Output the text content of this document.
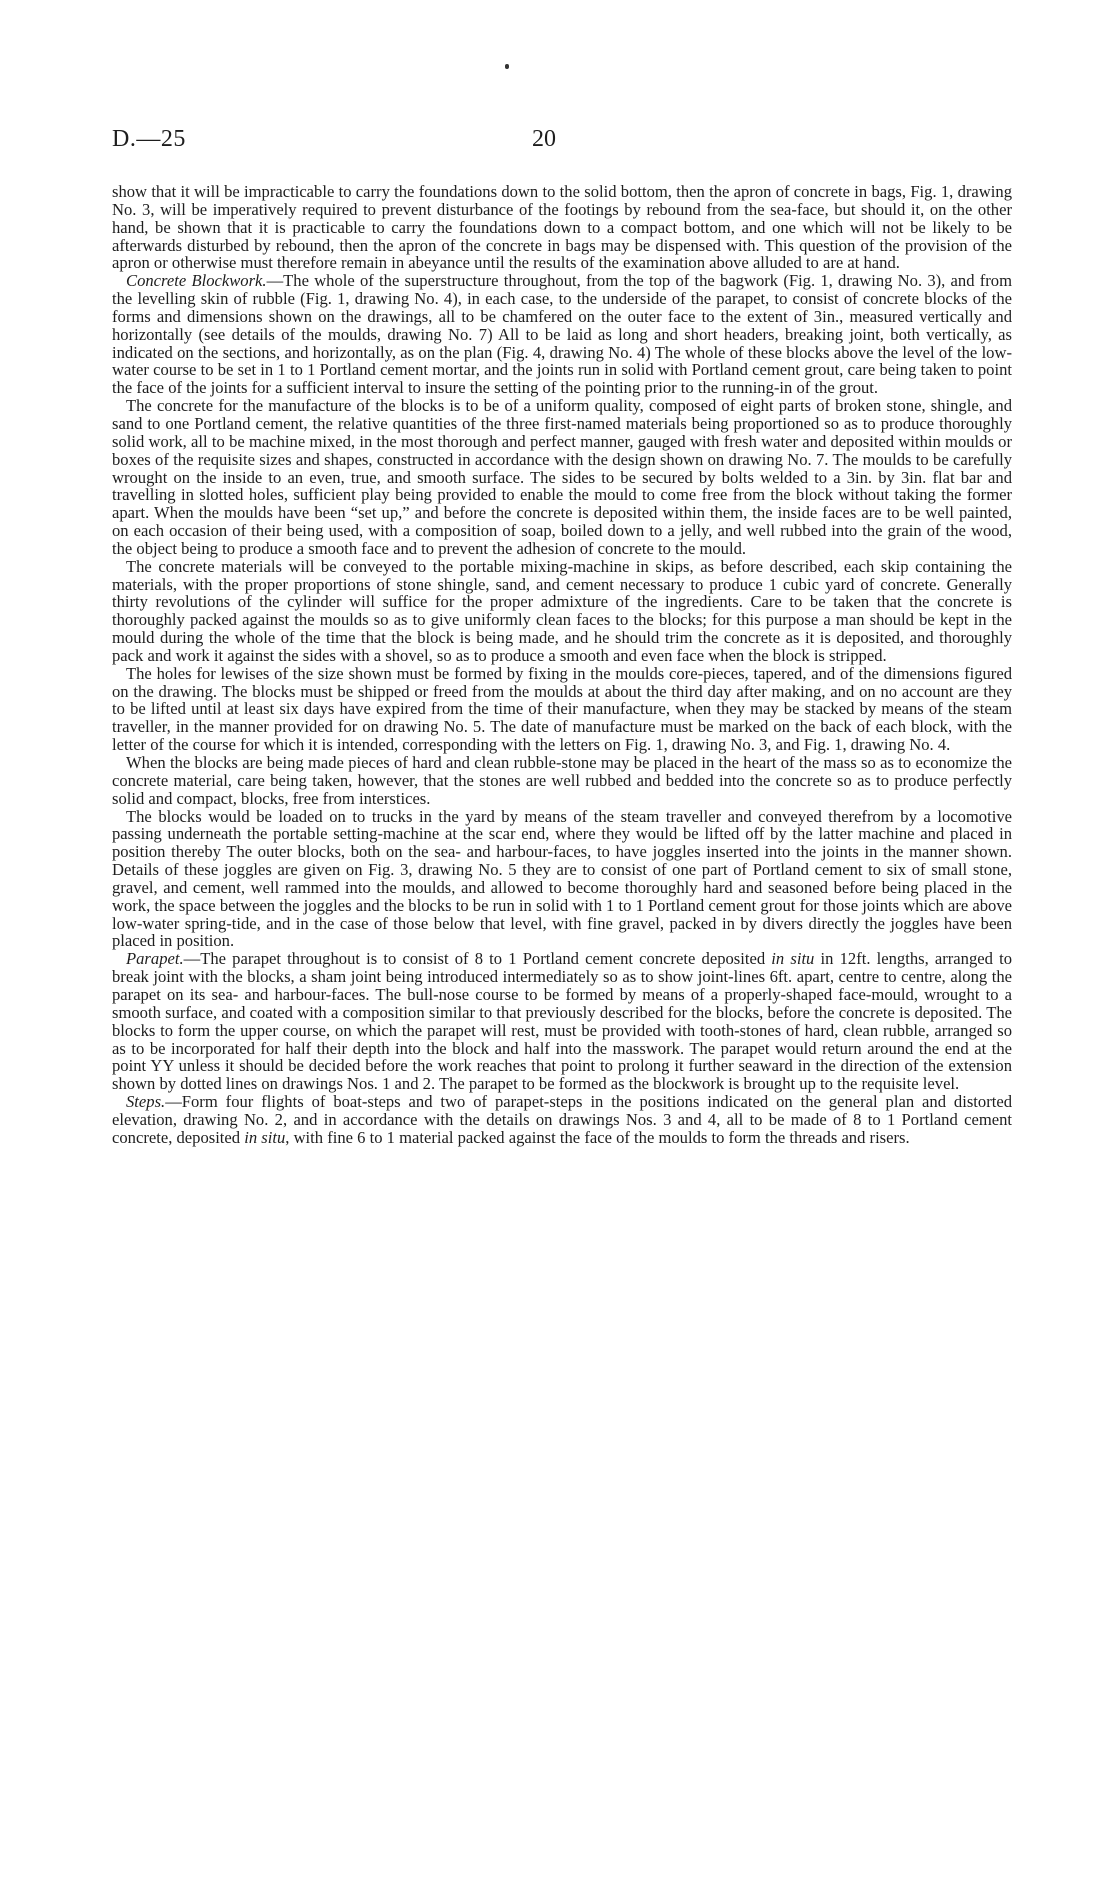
D.—25	20

show that it will be impracticable to carry the foundations down to the solid bottom, then the apron of concrete in bags, Fig. 1, drawing No. 3, will be imperatively required to prevent disturbance of the footings by rebound from the sea-face, but should it, on the other hand, be shown that it is practicable to carry the foundations down to a compact bottom, and one which will not be likely to be afterwards disturbed by rebound, then the apron of the concrete in bags may be dispensed with. This question of the provision of the apron or otherwise must therefore remain in abeyance until the results of the examination above alluded to are at hand.

Concrete Blockwork.—The whole of the superstructure throughout, from the top of the bagwork (Fig. 1, drawing No. 3), and from the levelling skin of rubble (Fig. 1, drawing No. 4), in each case, to the underside of the parapet, to consist of concrete blocks of the forms and dimensions shown on the drawings, all to be chamfered on the outer face to the extent of 3in., measured vertically and horizontally (see details of the moulds, drawing No. 7) All to be laid as long and short headers, breaking joint, both vertically, as indicated on the sections, and horizontally, as on the plan (Fig. 4, drawing No. 4) The whole of these blocks above the level of the low-water course to be set in 1 to 1 Portland cement mortar, and the joints run in solid with Portland cement grout, care being taken to point the face of the joints for a sufficient interval to insure the setting of the pointing prior to the running-in of the grout.

The concrete for the manufacture of the blocks is to be of a uniform quality, composed of eight parts of broken stone, shingle, and sand to one Portland cement, the relative quantities of the three first-named materials being proportioned so as to produce thoroughly solid work, all to be machine mixed, in the most thorough and perfect manner, gauged with fresh water and deposited within moulds or boxes of the requisite sizes and shapes, constructed in accordance with the design shown on drawing No. 7. The moulds to be carefully wrought on the inside to an even, true, and smooth surface. The sides to be secured by bolts welded to a 3in. by 3in. flat bar and travelling in slotted holes, sufficient play being provided to enable the mould to come free from the block without taking the former apart. When the moulds have been “set up,” and before the concrete is deposited within them, the inside faces are to be well painted, on each occasion of their being used, with a composition of soap, boiled down to a jelly, and well rubbed into the grain of the wood, the object being to produce a smooth face and to prevent the adhesion of concrete to the mould.

The concrete materials will be conveyed to the portable mixing-machine in skips, as before described, each skip containing the materials, with the proper proportions of stone shingle, sand, and cement necessary to produce 1 cubic yard of concrete. Generally thirty revolutions of the cylinder will suffice for the proper admixture of the ingredients. Care to be taken that the concrete is thoroughly packed against the moulds so as to give uniformly clean faces to the blocks; for this purpose a man should be kept in the mould during the whole of the time that the block is being made, and he should trim the concrete as it is deposited, and thoroughly pack and work it against the sides with a shovel, so as to produce a smooth and even face when the block is stripped.

The holes for lewises of the size shown must be formed by fixing in the moulds core-pieces, tapered, and of the dimensions figured on the drawing. The blocks must be shipped or freed from the moulds at about the third day after making, and on no account are they to be lifted until at least six days have expired from the time of their manufacture, when they may be stacked by means of the steam traveller, in the manner provided for on drawing No. 5. The date of manufacture must be marked on the back of each block, with the letter of the course for which it is intended, corresponding with the letters on Fig. 1, drawing No. 3, and Fig. 1, drawing No. 4.

When the blocks are being made pieces of hard and clean rubble-stone may be placed in the heart of the mass so as to economize the concrete material, care being taken, however, that the stones are well rubbed and bedded into the concrete so as to produce perfectly solid and compact, blocks, free from interstices.

The blocks would be loaded on to trucks in the yard by means of the steam traveller and conveyed therefrom by a locomotive passing underneath the portable setting-machine at the scar end, where they would be lifted off by the latter machine and placed in position thereby The outer blocks, both on the sea- and harbour-faces, to have joggles inserted into the joints in the manner shown. Details of these joggles are given on Fig. 3, drawing No. 5 they are to consist of one part of Portland cement to six of small stone, gravel, and cement, well rammed into the moulds, and allowed to become thoroughly hard and seasoned before being placed in the work, the space between the joggles and the blocks to be run in solid with 1 to 1 Portland cement grout for those joints which are above low-water spring-tide, and in the case of those below that level, with fine gravel, packed in by divers directly the joggles have been placed in position.

Parapet.—The parapet throughout is to consist of 8 to 1 Portland cement concrete deposited in situ in 12ft. lengths, arranged to break joint with the blocks, a sham joint being introduced intermediately so as to show joint-lines 6ft. apart, centre to centre, along the parapet on its sea- and harbour-faces. The bull-nose course to be formed by means of a properly-shaped face-mould, wrought to a smooth surface, and coated with a composition similar to that previously described for the blocks, before the concrete is deposited. The blocks to form the upper course, on which the parapet will rest, must be provided with tooth-stones of hard, clean rubble, arranged so as to be incorporated for half their depth into the block and half into the masswork. The parapet would return around the end at the point YY unless it should be decided before the work reaches that point to prolong it further seaward in the direction of the extension shown by dotted lines on drawings Nos. 1 and 2. The parapet to be formed as the blockwork is brought up to the requisite level.

Steps.—Form four flights of boat-steps and two of parapet-steps in the positions indicated on the general plan and distorted elevation, drawing No. 2, and in accordance with the details on drawings Nos. 3 and 4, all to be made of 8 to 1 Portland cement concrete, deposited in situ, with fine 6 to 1 material packed against the face of the moulds to form the threads and risers.
